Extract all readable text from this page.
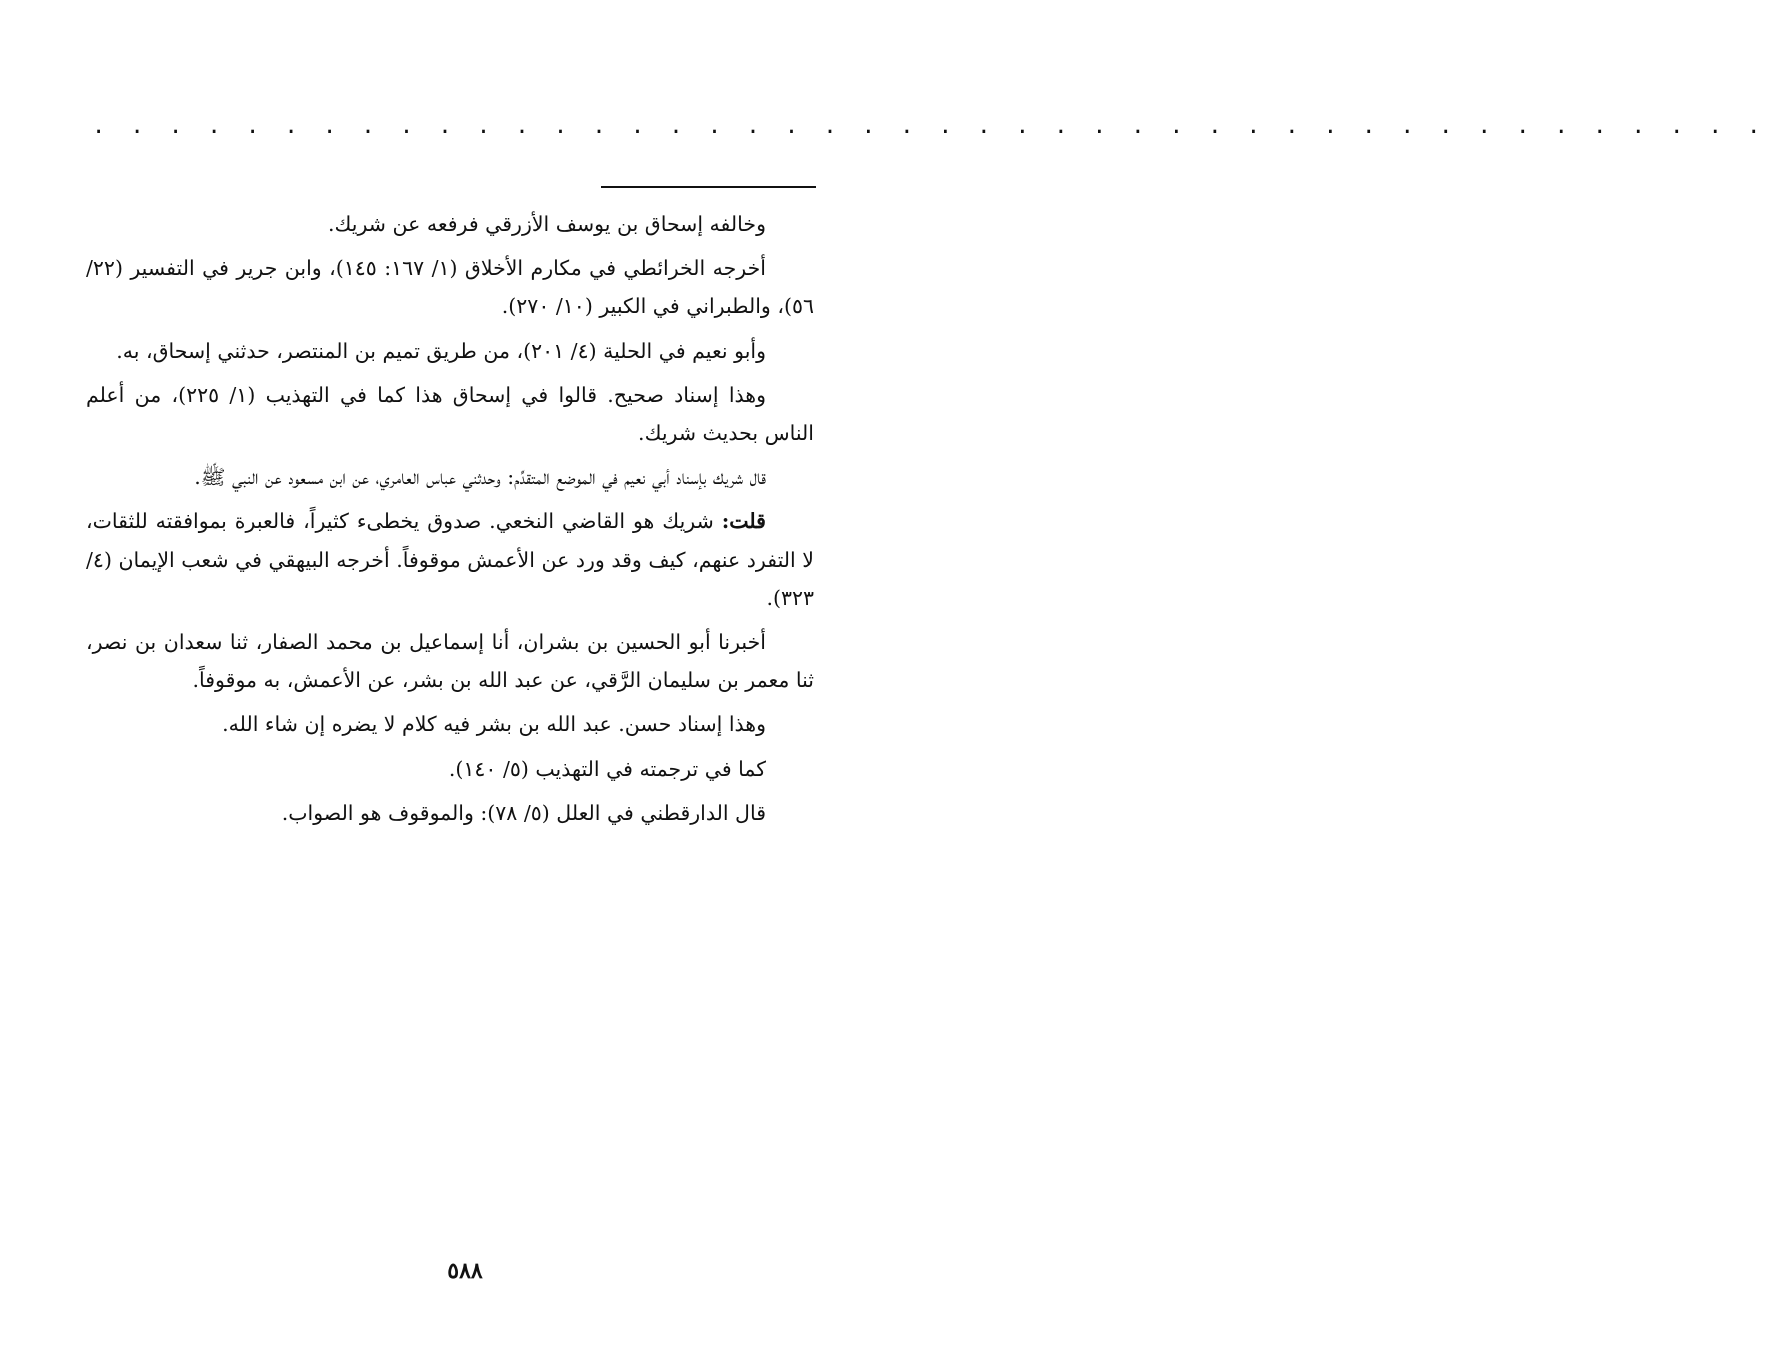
· · · · · · · · · · · · · · · · · · · · · · · · · · · · · · · · · · · · · · · · · · · ·

وخالفه إسحاق بن يوسف الأزرقي فرفعه عن شريك.

أخرجه الخرائطي في مكارم الأخلاق (١/ ١٦٧: ١٤٥)، وابن جرير في التفسير (٢٢/ ٥٦)، والطبراني في الكبير (١٠/ ٢٧٠).

وأبو نعيم في الحلية (٤/ ٢٠١)، من طريق تميم بن المنتصر، حدثني إسحاق، به.

وهذا إسناد صحيح. قالوا في إسحاق هذا كما في التهذيب (١/ ٢٢٥)، من أعلم الناس بحديث شريك.

قال شريك بإسناد أبي نعيم في الموضع المتقدِّم: وحدثني عباس العامري، عن ابن مسعود عن النبي ﷺ.

قلت: شريك هو القاضي النخعي. صدوق يخطىء كثيراً، فالعبرة بموافقته للثقات، لا التفرد عنهم، كيف وقد ورد عن الأعمش موقوفاً. أخرجه البيهقي في شعب الإيمان (٤/ ٣٢٣).

أخبرنا أبو الحسين بن بشران، أنا إسماعيل بن محمد الصفار، ثنا سعدان بن نصر، ثنا معمر بن سليمان الرَّقي، عن عبد الله بن بشر، عن الأعمش، به موقوفاً.

وهذا إسناد حسن. عبد الله بن بشر فيه كلام لا يضره إن شاء الله.

كما في ترجمته في التهذيب (٥/ ١٤٠).

قال الدارقطني في العلل (٥/ ٧٨): والموقوف هو الصواب.

٥٨٨
